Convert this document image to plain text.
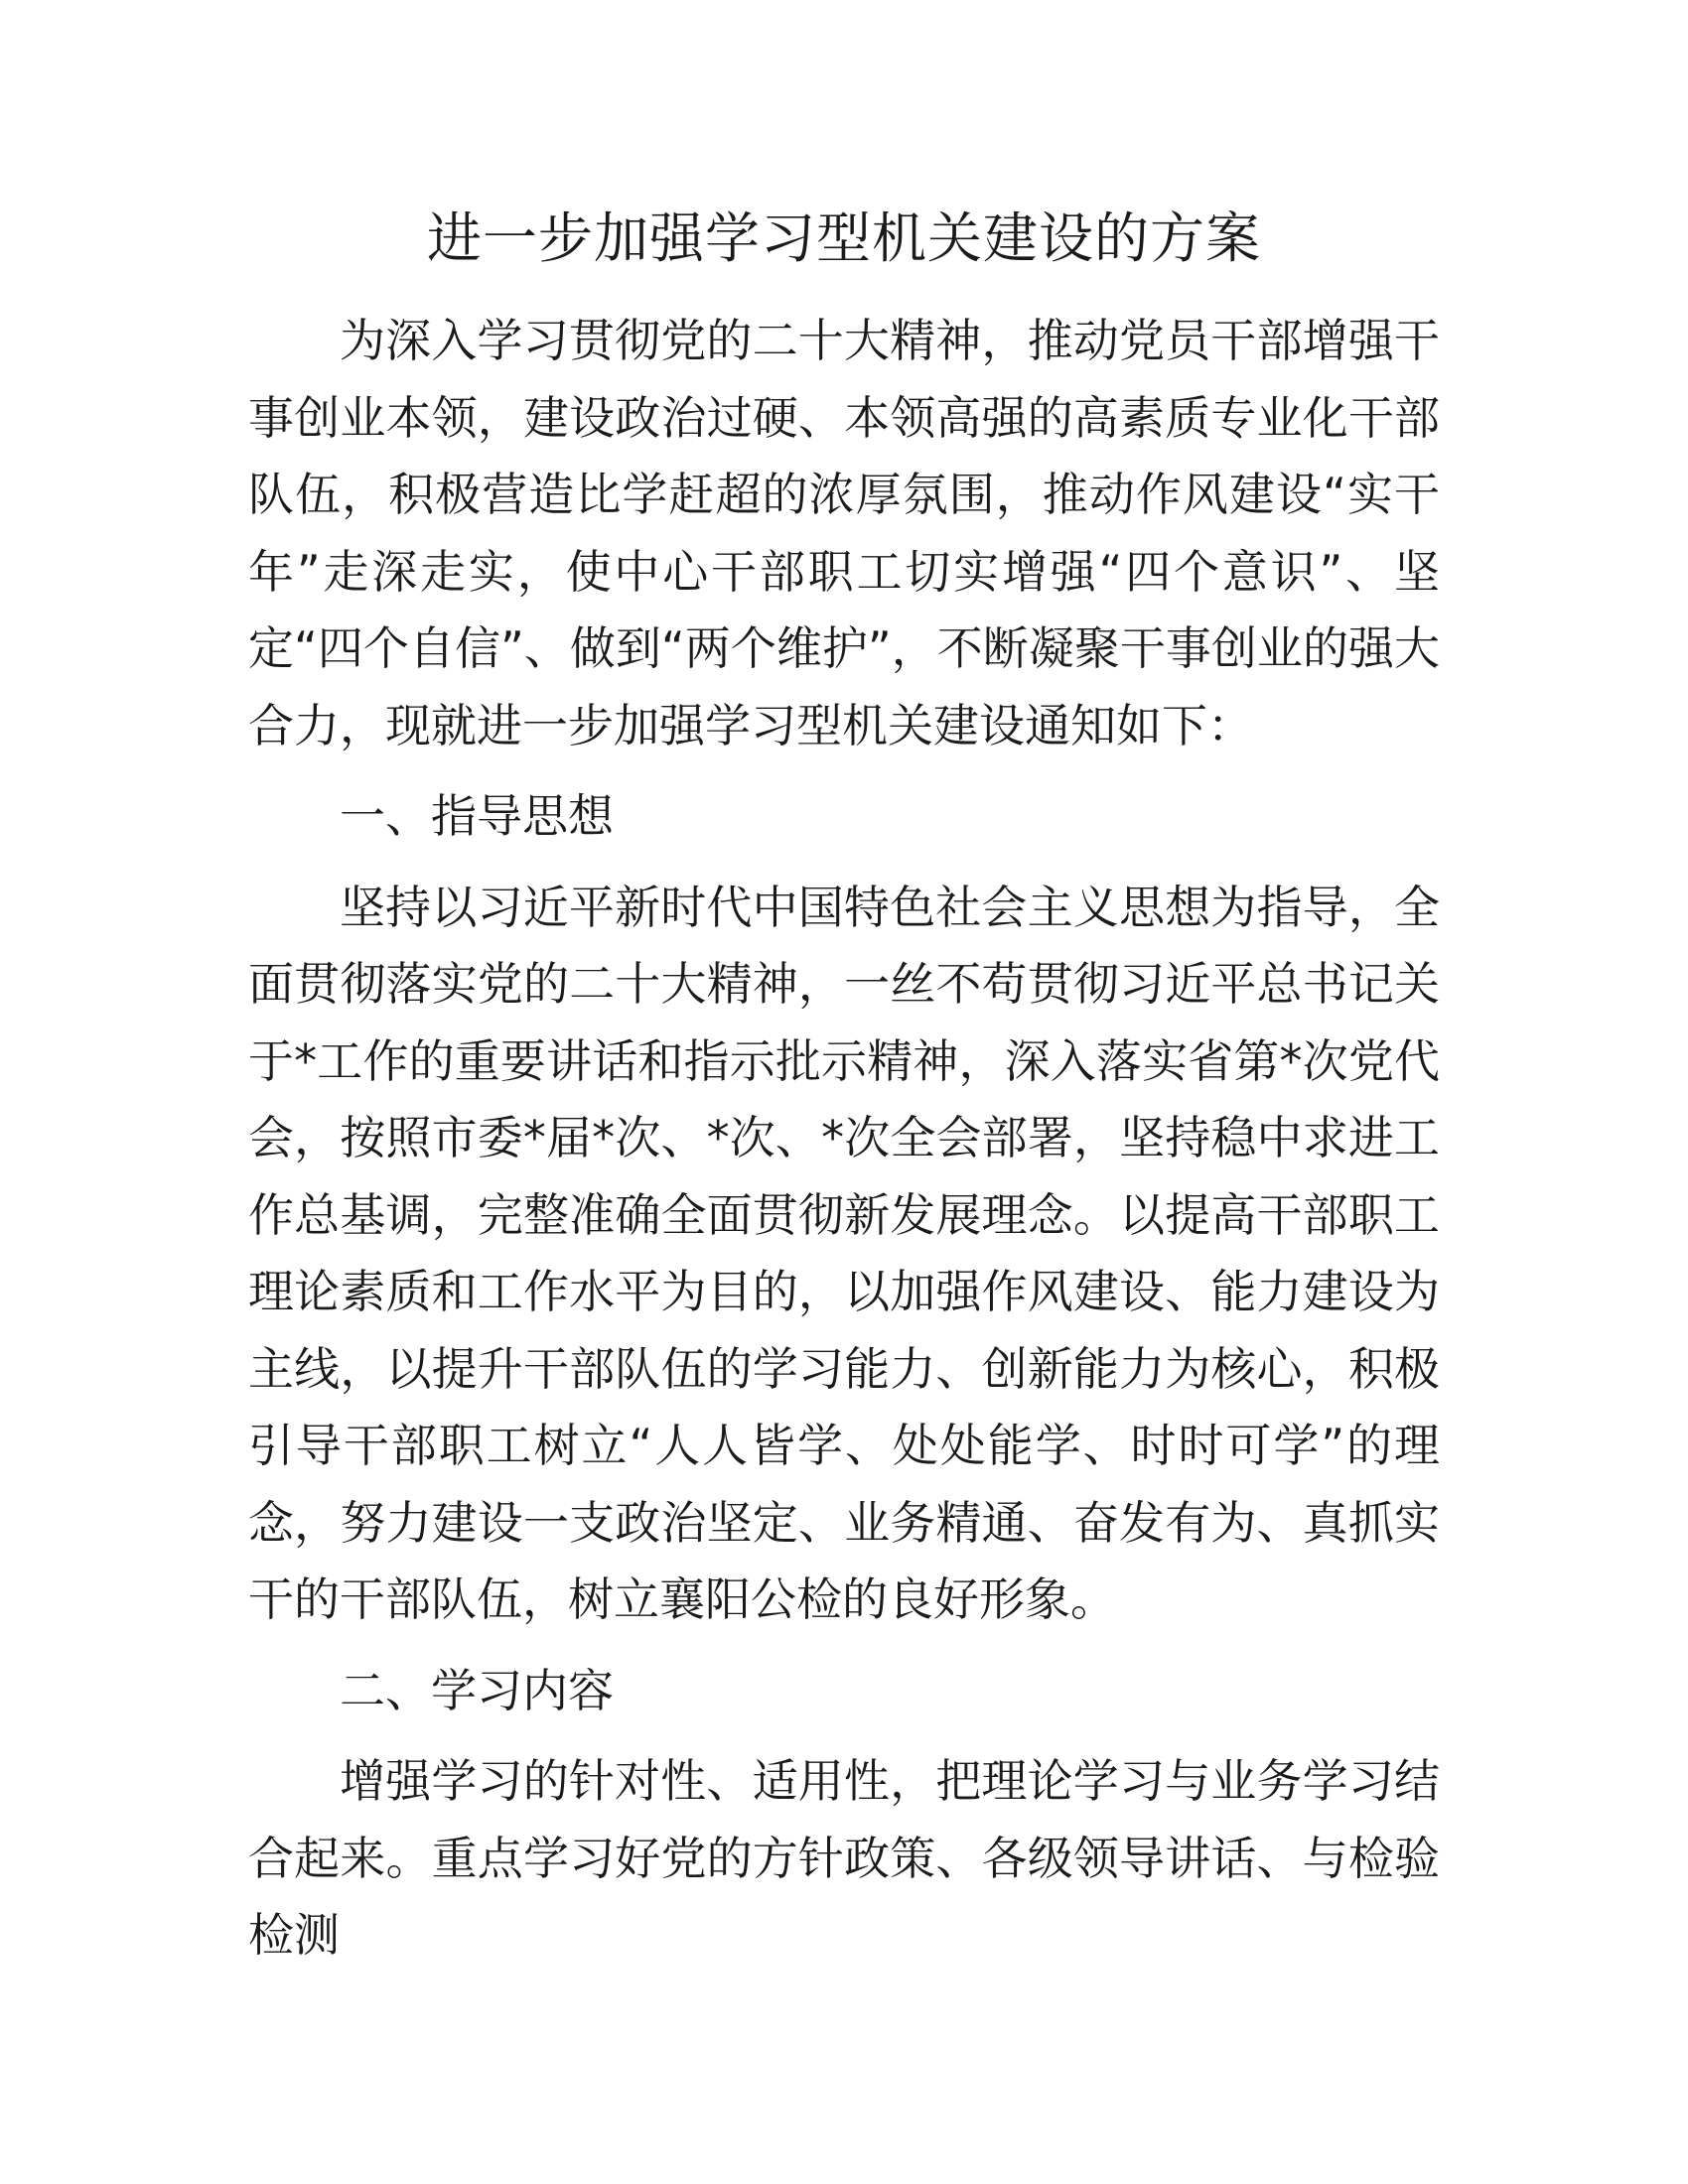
进一步加强学习型机关建设的方案

为深入学习贯彻党的二十大精神，推动党员干部增强干事创业本领，建设政治过硬、本领高强的高素质专业化干部队伍，积极营造比学赶超的浓厚氛围，推动作风建设“实干年”走深走实，使中心干部职工切实增强“四个意识”、坚定“四个自信”、做到“两个维护”，不断凝聚干事创业的强大合力，现就进一步加强学习型机关建设通知如下：

一、指导思想

坚持以习近平新时代中国特色社会主义思想为指导，全面贯彻落实党的二十大精神，一丝不苟贯彻习近平总书记关于*工作的重要讲话和指示批示精神，深入落实省第*次党代会，按照市委*届*次、*次、*次全会部署，坚持稳中求进工作总基调，完整准确全面贯彻新发展理念。以提高干部职工理论素质和工作水平为目的，以加强作风建设、能力建设为主线，以提升干部队伍的学习能力、创新能力为核心，积极引导干部职工树立“人人皆学、处处能学、时时可学”的理念，努力建设一支政治坚定、业务精通、奋发有为、真抓实干的干部队伍，树立襄阳公检的良好形象。

二、学习内容

增强学习的针对性、适用性，把理论学习与业务学习结合起来。重点学习好党的方针政策、各级领导讲话、与检验检测
